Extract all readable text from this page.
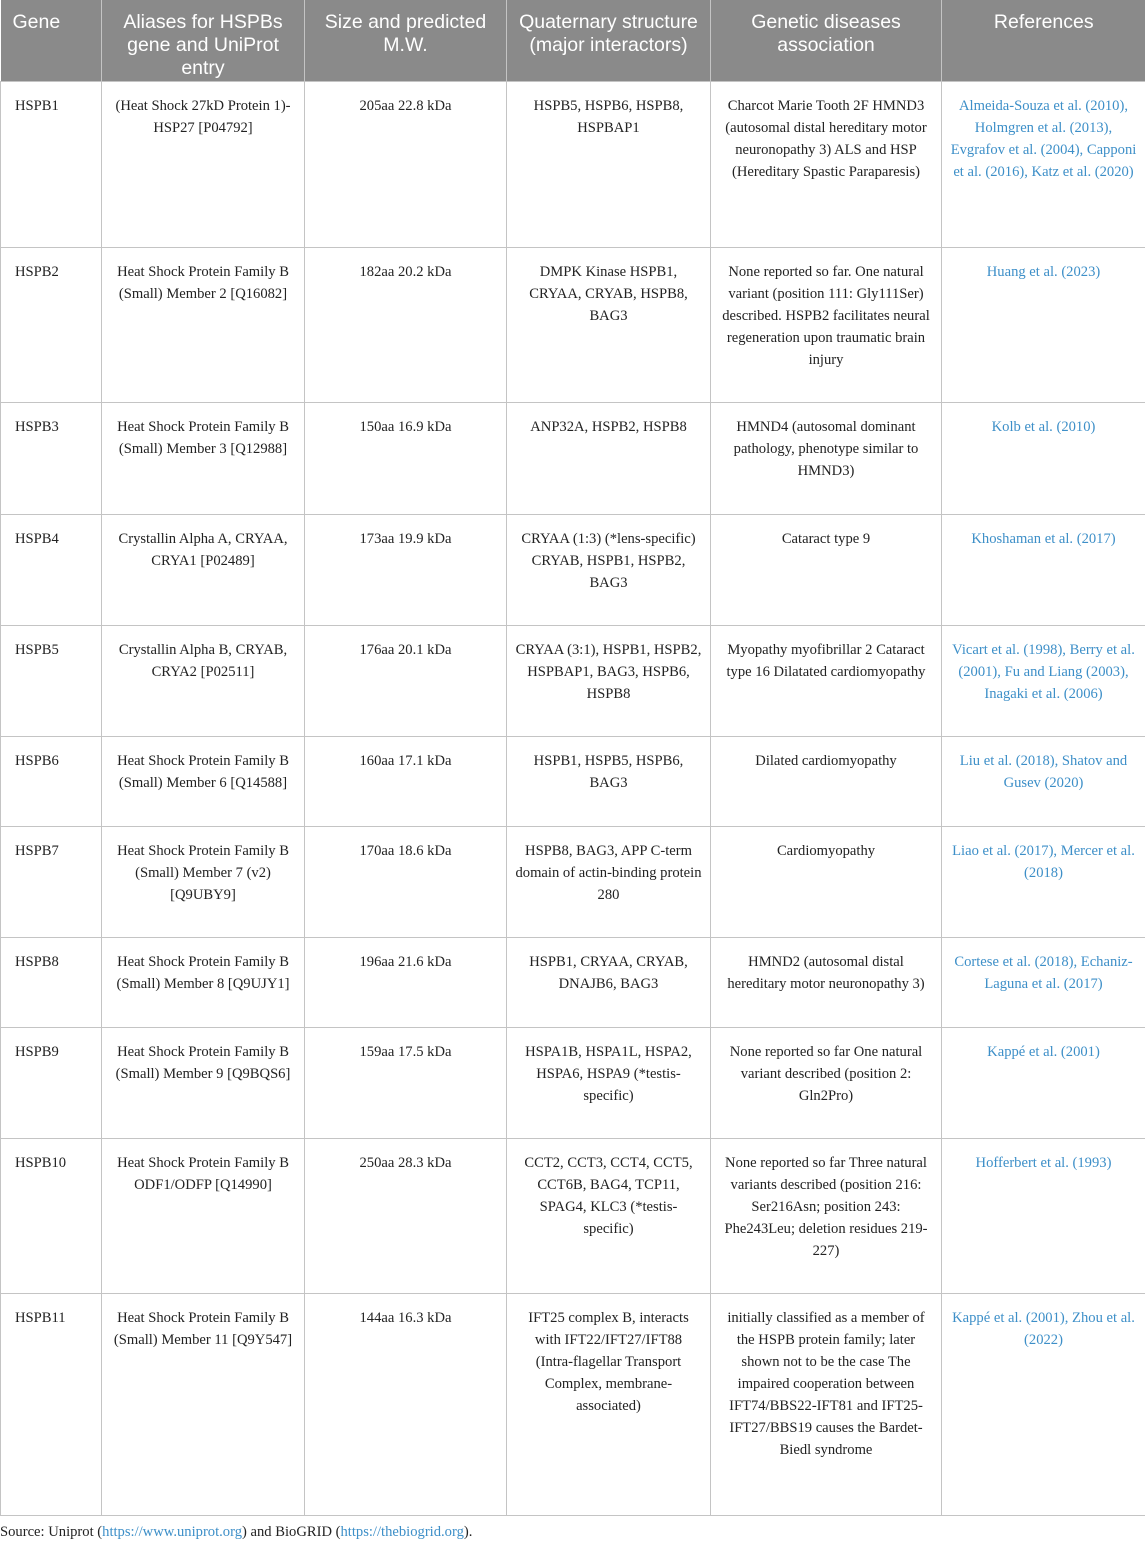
Gene	Aliases for HSPBs gene and UniProt entry	Size and predicted M.W.	Quaternary structure (major interactors)	Genetic diseases association	References
HSPB1	(Heat Shock 27kD Protein 1)-HSP27 [P04792]	205aa 22.8 kDa	HSPB5, HSPB6, HSPB8, HSPBAP1	Charcot Marie Tooth 2F HMND3 (autosomal distal hereditary motor neuronopathy 3) ALS and HSP (Hereditary Spastic Paraparesis)	Almeida-Souza et al. (2010), Holmgren et al. (2013), Evgrafov et al. (2004), Capponi et al. (2016), Katz et al. (2020)
HSPB2	Heat Shock Protein Family B (Small) Member 2 [Q16082]	182aa 20.2 kDa	DMPK Kinase HSPB1, CRYAA, CRYAB, HSPB8, BAG3	None reported so far. One natural variant (position 111: Gly111Ser) described. HSPB2 facilitates neural regeneration upon traumatic brain injury	Huang et al. (2023)
HSPB3	Heat Shock Protein Family B (Small) Member 3 [Q12988]	150aa 16.9 kDa	ANP32A, HSPB2, HSPB8	HMND4 (autosomal dominant pathology, phenotype similar to HMND3)	Kolb et al. (2010)
HSPB4	Crystallin Alpha A, CRYAA, CRYA1 [P02489]	173aa 19.9 kDa	CRYAA (1:3) (*lens-specific) CRYAB, HSPB1, HSPB2, BAG3	Cataract type 9	Khoshaman et al. (2017)
HSPB5	Crystallin Alpha B, CRYAB, CRYA2 [P02511]	176aa 20.1 kDa	CRYAA (3:1), HSPB1, HSPB2, HSPBAP1, BAG3, HSPB6, HSPB8	Myopathy myofibrillar 2 Cataract type 16 Dilatated cardiomyopathy	Vicart et al. (1998), Berry et al. (2001), Fu and Liang (2003), Inagaki et al. (2006)
HSPB6	Heat Shock Protein Family B (Small) Member 6 [Q14588]	160aa 17.1 kDa	HSPB1, HSPB5, HSPB6, BAG3	Dilated cardiomyopathy	Liu et al. (2018), Shatov and Gusev (2020)
HSPB7	Heat Shock Protein Family B (Small) Member 7 (v2) [Q9UBY9]	170aa 18.6 kDa	HSPB8, BAG3, APP C-term domain of actin-binding protein 280	Cardiomyopathy	Liao et al. (2017), Mercer et al. (2018)
HSPB8	Heat Shock Protein Family B (Small) Member 8 [Q9UJY1]	196aa 21.6 kDa	HSPB1, CRYAA, CRYAB, DNAJB6, BAG3	HMND2 (autosomal distal hereditary motor neuronopathy 3)	Cortese et al. (2018), Echaniz-Laguna et al. (2017)
HSPB9	Heat Shock Protein Family B (Small) Member 9 [Q9BQS6]	159aa 17.5 kDa	HSPA1B, HSPA1L, HSPA2, HSPA6, HSPA9 (*testis-specific)	None reported so far One natural variant described (position 2: Gln2Pro)	Kappé et al. (2001)
HSPB10	Heat Shock Protein Family B ODF1/ODFP [Q14990]	250aa 28.3 kDa	CCT2, CCT3, CCT4, CCT5, CCT6B, BAG4, TCP11, SPAG4, KLC3 (*testis-specific)	None reported so far Three natural variants described (position 216: Ser216Asn; position 243: Phe243Leu; deletion residues 219-227)	Hofferbert et al. (1993)
HSPB11	Heat Shock Protein Family B (Small) Member 11 [Q9Y547]	144aa 16.3 kDa	IFT25 complex B, interacts with IFT22/IFT27/IFT88 (Intra-flagellar Transport Complex, membrane-associated)	initially classified as a member of the HSPB protein family; later shown not to be the case The impaired cooperation between IFT74/BBS22-IFT81 and IFT25-IFT27/BBS19 causes the Bardet-Biedl syndrome	Kappé et al. (2001), Zhou et al. (2022)
Source: Uniprot (https://www.uniprot.org) and BioGRID (https://thebiogrid.org).
